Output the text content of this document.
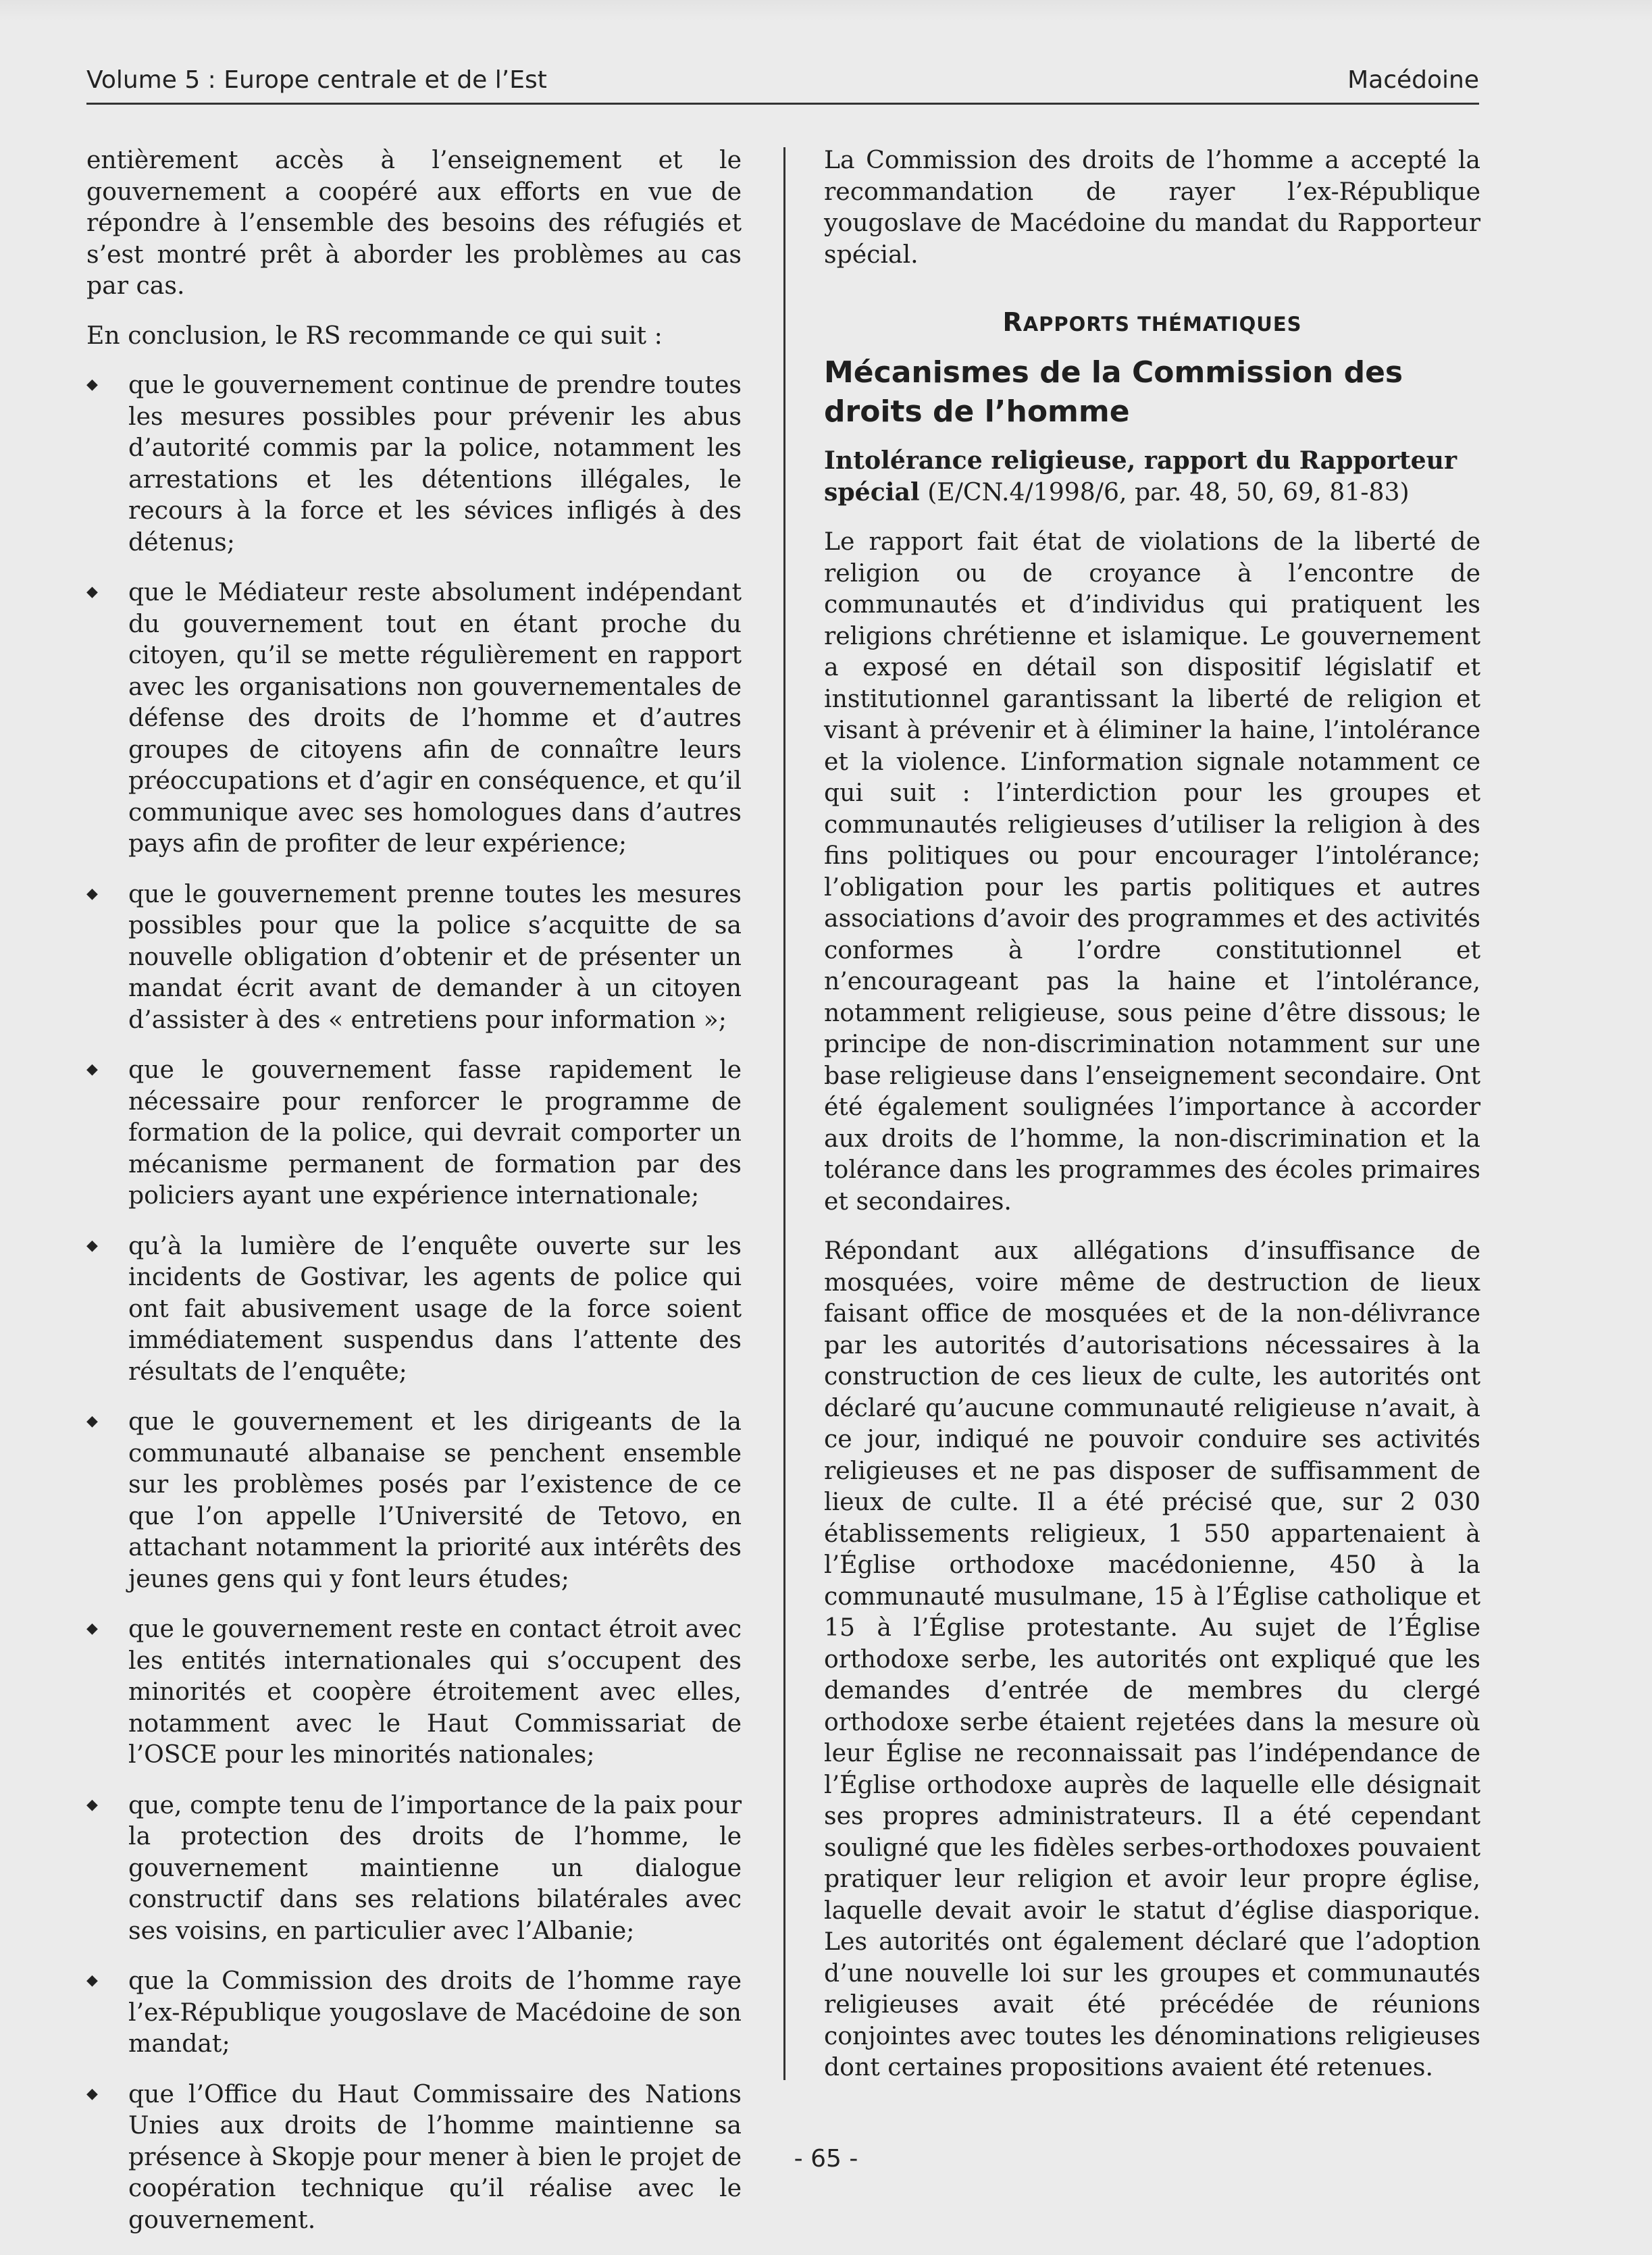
Volume 5 : Europe centrale et de l’Est	Macédoine

entièrement accès à l’enseignement et le gouvernement a coopéré aux efforts en vue de répondre à l’ensemble des besoins des réfugiés et s’est montré prêt à aborder les problèmes au cas par cas.

En conclusion, le RS recommande ce qui suit :

◆	que le gouvernement continue de prendre toutes les mesures possibles pour prévenir les abus d’autorité commis par la police, notamment les arrestations et les détentions illégales, le recours à la force et les sévices infligés à des détenus;
◆	que le Médiateur reste absolument indépendant du gouvernement tout en étant proche du citoyen, qu’il se mette régulièrement en rapport avec les organisations non gouvernementales de défense des droits de l’homme et d’autres groupes de citoyens afin de connaître leurs préoccupations et d’agir en conséquence, et qu’il communique avec ses homologues dans d’autres pays afin de profiter de leur expérience;
◆	que le gouvernement prenne toutes les mesures possibles pour que la police s’acquitte de sa nouvelle obligation d’obtenir et de présenter un mandat écrit avant de demander à un citoyen d’assister à des « entretiens pour information »;
◆	que le gouvernement fasse rapidement le nécessaire pour renforcer le programme de formation de la police, qui devrait comporter un mécanisme permanent de formation par des policiers ayant une expérience internationale;
◆	qu’à la lumière de l’enquête ouverte sur les incidents de Gostivar, les agents de police qui ont fait abusivement usage de la force soient immédiatement suspendus dans l’attente des résultats de l’enquête;
◆	que le gouvernement et les dirigeants de la communauté albanaise se penchent ensemble sur les problèmes posés par l’existence de ce que l’on appelle l’Université de Tetovo, en attachant notamment la priorité aux intérêts des jeunes gens qui y font leurs études;
◆	que le gouvernement reste en contact étroit avec les entités internationales qui s’occupent des minorités et coopère étroitement avec elles, notamment avec le Haut Commissariat de l’OSCE pour les minorités nationales;
◆	que, compte tenu de l’importance de la paix pour la protection des droits de l’homme, le gouvernement maintienne un dialogue constructif dans ses relations bilatérales avec ses voisins, en particulier avec l’Albanie;
◆	que la Commission des droits de l’homme raye l’ex-République yougoslave de Macédoine de son mandat;
◆	que l’Office du Haut Commissaire des Nations Unies aux droits de l’homme maintienne sa présence à Skopje pour mener à bien le projet de coopération technique qu’il réalise avec le gouvernement.

La Commission des droits de l’homme a accepté la recommandation de rayer l’ex-République yougoslave de Macédoine du mandat du Rapporteur spécial.

RAPPORTS THÉMATIQUES
Mécanismes de la Commission des droits de l’homme

Intolérance religieuse, rapport du Rapporteur spécial (E/CN.4/1998/6, par. 48, 50, 69, 81-83)

Le rapport fait état de violations de la liberté de religion ou de croyance à l’encontre de communautés et d’individus qui pratiquent les religions chrétienne et islamique. Le gouvernement a exposé en détail son dispositif législatif et institutionnel garantissant la liberté de religion et visant à prévenir et à éliminer la haine, l’intolérance et la violence. L’information signale notamment ce qui suit : l’interdiction pour les groupes et communautés religieuses d’utiliser la religion à des fins politiques ou pour encourager l’intolérance; l’obligation pour les partis politiques et autres associations d’avoir des programmes et des activités conformes à l’ordre constitutionnel et n’encourageant pas la haine et l’intolérance, notamment religieuse, sous peine d’être dissous; le principe de non-discrimination notamment sur une base religieuse dans l’enseignement secondaire. Ont été également soulignées l’importance à accorder aux droits de l’homme, la non-discrimination et la tolérance dans les programmes des écoles primaires et secondaires.

Répondant aux allégations d’insuffisance de mosquées, voire même de destruction de lieux faisant office de mosquées et de la non-délivrance par les autorités d’autorisations nécessaires à la construction de ces lieux de culte, les autorités ont déclaré qu’aucune communauté religieuse n’avait, à ce jour, indiqué ne pouvoir conduire ses activités religieuses et ne pas disposer de suffisamment de lieux de culte. Il a été précisé que, sur 2 030 établissements religieux, 1 550 appartenaient à l’Église orthodoxe macédonienne, 450 à la communauté musulmane, 15 à l’Église catholique et 15 à l’Église protestante. Au sujet de l’Église orthodoxe serbe, les autorités ont expliqué que les demandes d’entrée de membres du clergé orthodoxe serbe étaient rejetées dans la mesure où leur Église ne reconnaissait pas l’indépendance de l’Église orthodoxe auprès de laquelle elle désignait ses propres administrateurs. Il a été cependant souligné que les fidèles serbes-orthodoxes pouvaient pratiquer leur religion et avoir leur propre église, laquelle devait avoir le statut d’église diasporique. Les autorités ont également déclaré que l’adoption d’une nouvelle loi sur les groupes et communautés religieuses avait été précédée de réunions conjointes avec toutes les dénominations religieuses dont certaines propositions avaient été retenues.

- 65 -
